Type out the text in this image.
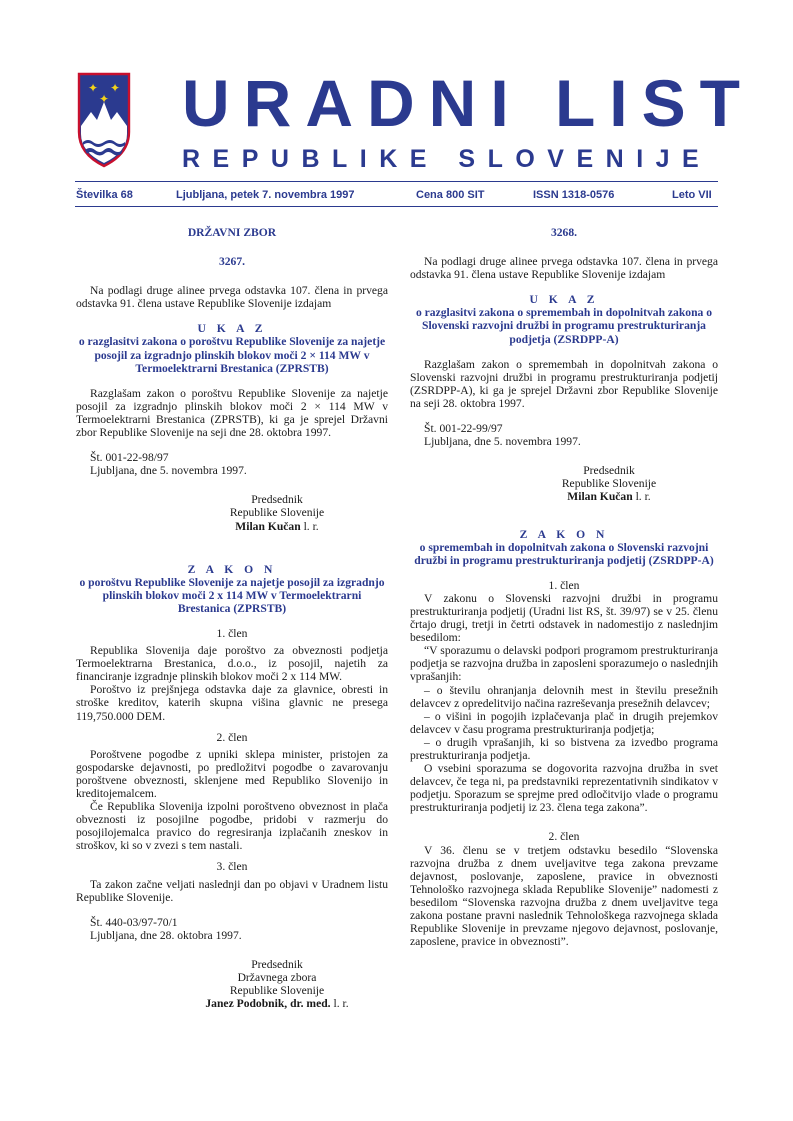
✦ ✦
✦ URADNI LIST
REPUBLIKE SLOVENIJE
Številka 68	Ljubljana, petek 7. novembra 1997	Cena 800 SIT	ISSN 1318-0576	Leto VII
DRŽAVNI ZBOR
3267.

Na podlagi druge alinee prvega odstavka 107. člena in prvega odstavka 91. člena ustave Republike Slovenije izdajam

U K A Z
o razglasitvi zakona o poroštvu Republike Slovenije za najetje posojil za izgradnjo plinskih blokov moči 2 × 114 MW v Termoelektrarni Brestanica (ZPRSTB)

Razglašam zakon o poroštvu Republike Slovenije za najetje posojil za izgradnjo plinskih blokov moči 2 × 114 MW v Termoelektrarni Brestanica (ZPRSTB), ki ga je sprejel Državni zbor Republike Slovenije na seji dne 28. oktobra 1997.

Št. 001-22-98/97

Ljubljana, dne 5. novembra 1997.

Predsednik
Republike Slovenije
Milan Kučan l. r.
Z A K O N
o poroštvu Republike Slovenije za najetje posojil za izgradnjo plinskih blokov moči 2 x 114 MW v Termoelektrarni Brestanica (ZPRSTB)
1. člen

Republika Slovenija daje poroštvo za obveznosti podjetja Termoelektrarna Brestanica, d.o.o., iz posojil, najetih za financiranje izgradnje plinskih blokov moči 2 x 114 MW.

Poroštvo iz prejšnjega odstavka daje za glavnice, obresti in stroške kreditov, katerih skupna višina glavnic ne presega 119,750.000 DEM.

2. člen

Poroštvene pogodbe z upniki sklepa minister, pristojen za gospodarske dejavnosti, po predložitvi pogodbe o zavarovanju poroštvene obveznosti, sklenjene med Republiko Slovenijo in kreditojemalcem.

Če Republika Slovenija izpolni poroštveno obveznost in plača obveznosti iz posojilne pogodbe, pridobi v razmerju do posojilojemalca pravico do regresiranja izplačanih zneskov in stroškov, ki so v zvezi s tem nastali.

3. člen

Ta zakon začne veljati naslednji dan po objavi v Uradnem listu Republike Slovenije.

Št. 440-03/97-70/1

Ljubljana, dne 28. oktobra 1997.

Predsednik
Državnega zbora
Republike Slovenije
Janez Podobnik, dr. med. l. r.
3268.

Na podlagi druge alinee prvega odstavka 107. člena in prvega odstavka 91. člena ustave Republike Slovenije izdajam

U K A Z
o razglasitvi zakona o spremembah in dopolnitvah zakona o Slovenski razvojni družbi in programu prestrukturiranja podjetja (ZSRDPP-A)

Razglašam zakon o spremembah in dopolnitvah zakona o Slovenski razvojni družbi in programu prestrukturiranja podjetij (ZSRDPP-A), ki ga je sprejel Državni zbor Republike Slovenije na seji 28. oktobra 1997.

Št. 001-22-99/97

Ljubljana, dne 5. novembra 1997.

Predsednik
Republike Slovenije
Milan Kučan l. r.
Z A K O N
o spremembah in dopolnitvah zakona o Slovenski razvojni družbi in programu prestrukturiranja podjetij (ZSRDPP-A)
1. člen

V zakonu o Slovenski razvojni družbi in programu prestrukturiranja podjetij (Uradni list RS, št. 39/97) se v 25. členu črtajo drugi, tretji in četrti odstavek in nadomestijo z naslednjim besedilom:

“V sporazumu o delavski podpori programom prestrukturiranja podjetja se razvojna družba in zaposleni sporazumejo o naslednjih vprašanjih:

– o številu ohranjanja delovnih mest in številu presežnih delavcev z opredelitvijo načina razreševanja presežnih delavcev;

– o višini in pogojih izplačevanja plač in drugih prejemkov delavcev v času programa prestrukturiranja podjetja;

– o drugih vprašanjih, ki so bistvena za izvedbo programa prestrukturiranja podjetja.

O vsebini sporazuma se dogovorita razvojna družba in svet delavcev, če tega ni, pa predstavniki reprezentativnih sindikatov v podjetju. Sporazum se sprejme pred odločitvijo vlade o programu prestrukturiranja podjetij iz 23. člena tega zakona”.

2. člen

V 36. členu se v tretjem odstavku besedilo “Slovenska razvojna družba z dnem uveljavitve tega zakona prevzame dejavnost, poslovanje, zaposlene, pravice in obveznosti Tehnološko razvojnega sklada Republike Slovenije” nadomesti z besedilom “Slovenska razvojna družba z dnem uveljavitve tega zakona postane pravni naslednik Tehnološkega razvojnega sklada Republike Slovenije in prevzame njegovo dejavnost, poslovanje, zaposlene, pravice in obveznosti”.
